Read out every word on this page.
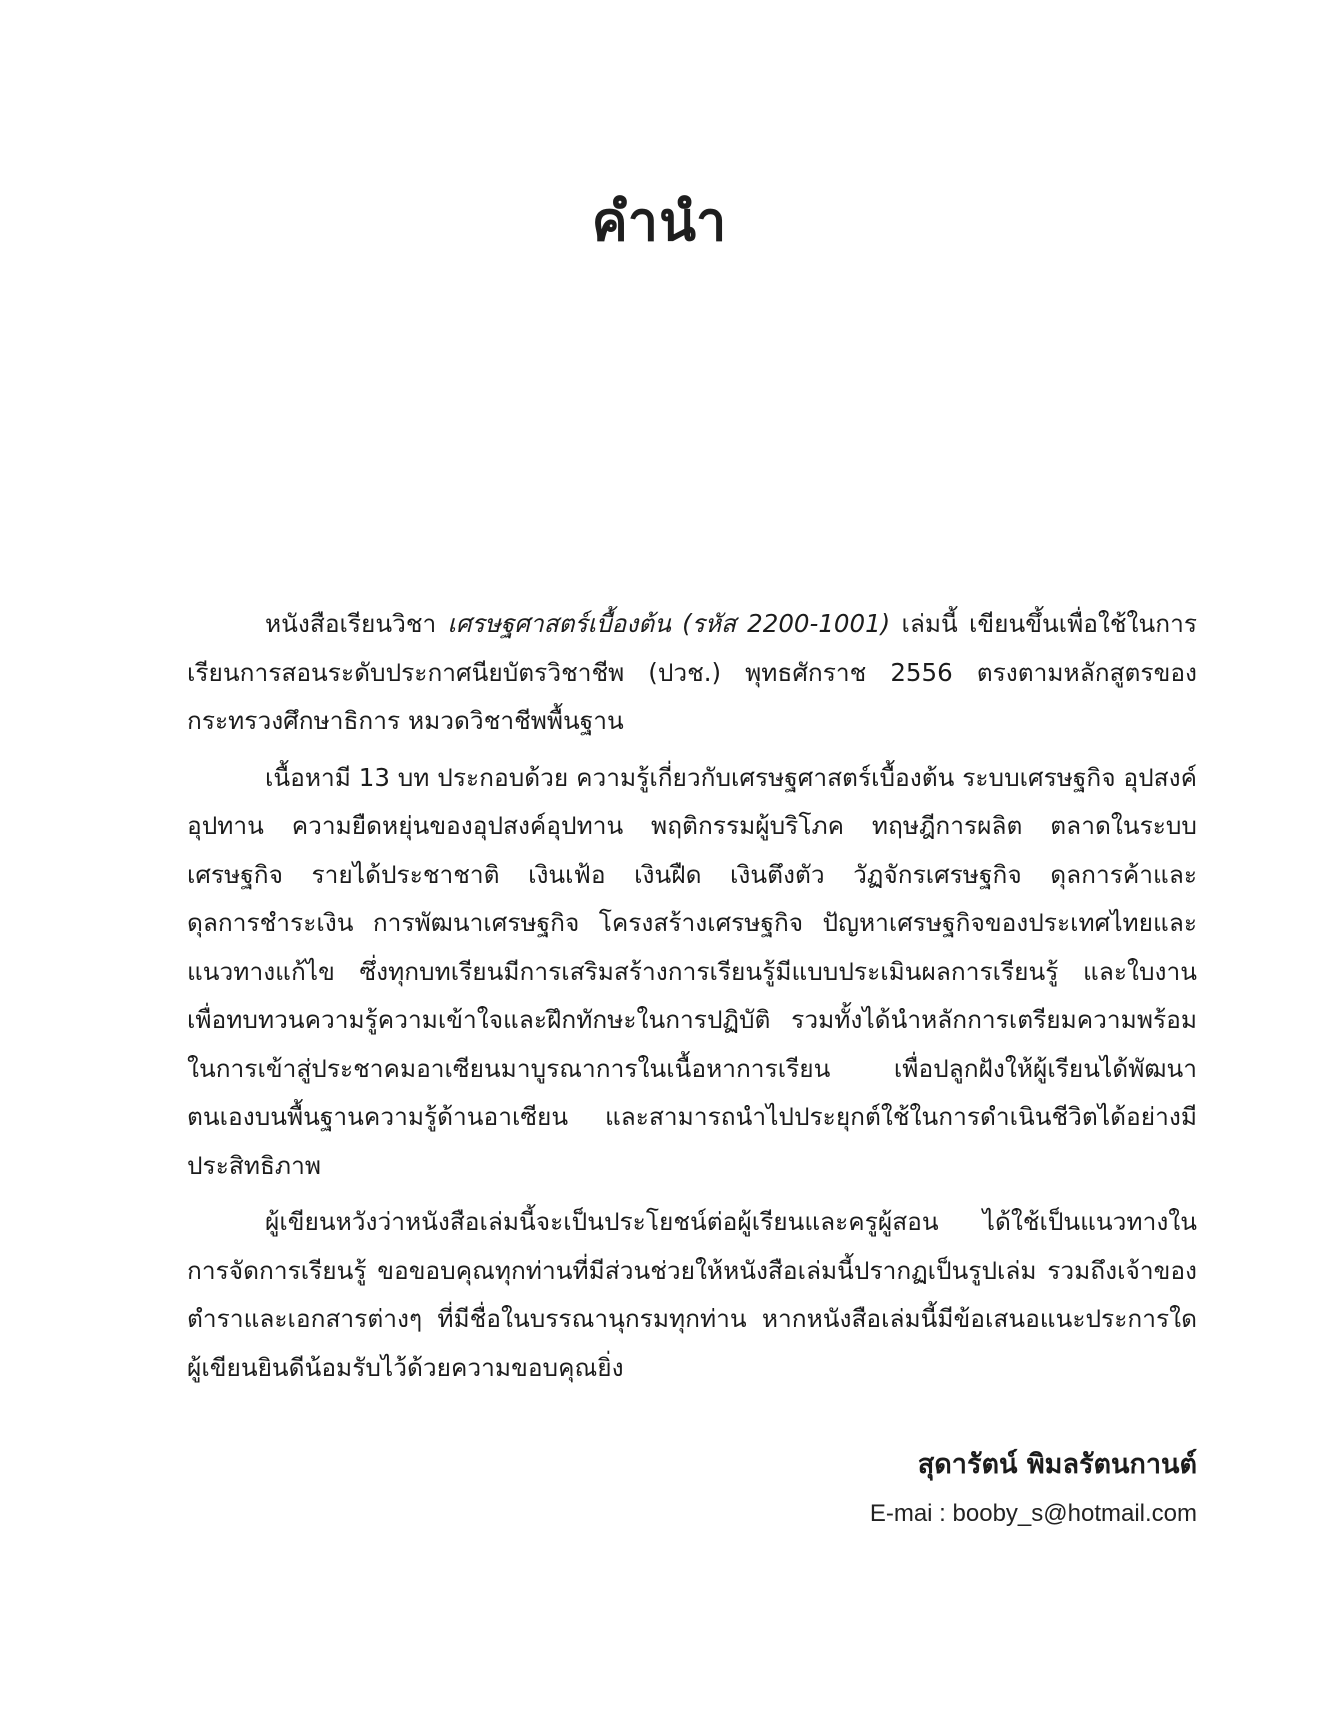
คำนำ

หนังสือเรียนวิชา เศรษฐศาสตร์เบื้องต้น (รหัส 2200-1001) เล่มนี้ เขียนขึ้นเพื่อใช้ในการเรียนการสอนระดับประกาศนียบัตรวิชาชีพ (ปวช.) พุทธศักราช 2556 ตรงตามหลักสูตรของกระทรวงศึกษาธิการ หมวดวิชาชีพพื้นฐาน

เนื้อหามี 13 บท ประกอบด้วย ความรู้เกี่ยวกับเศรษฐศาสตร์เบื้องต้น ระบบเศรษฐกิจ อุปสงค์อุปทาน ความยืดหยุ่นของอุปสงค์อุปทาน พฤติกรรมผู้บริโภค ทฤษฎีการผลิต ตลาดในระบบเศรษฐกิจ รายได้ประชาชาติ เงินเฟ้อ เงินฝืด เงินตึงตัว วัฏจักรเศรษฐกิจ ดุลการค้าและดุลการชำระเงิน การพัฒนาเศรษฐกิจ โครงสร้างเศรษฐกิจ ปัญหาเศรษฐกิจของประเทศไทยและแนวทางแก้ไข ซึ่งทุกบทเรียนมีการเสริมสร้างการเรียนรู้มีแบบประเมินผลการเรียนรู้ และใบงานเพื่อทบทวนความรู้ความเข้าใจและฝึกทักษะในการปฏิบัติ รวมทั้งได้นำหลักการเตรียมความพร้อมในการเข้าสู่ประชาคมอาเซียนมาบูรณาการในเนื้อหาการเรียน เพื่อปลูกฝังให้ผู้เรียนได้พัฒนาตนเองบนพื้นฐานความรู้ด้านอาเซียน และสามารถนำไปประยุกต์ใช้ในการดำเนินชีวิตได้อย่างมีประสิทธิภาพ

ผู้เขียนหวังว่าหนังสือเล่มนี้จะเป็นประโยชน์ต่อผู้เรียนและครูผู้สอน ได้ใช้เป็นแนวทางในการจัดการเรียนรู้ ขอขอบคุณทุกท่านที่มีส่วนช่วยให้หนังสือเล่มนี้ปรากฏเป็นรูปเล่ม รวมถึงเจ้าของตำราและเอกสารต่างๆ ที่มีชื่อในบรรณานุกรมทุกท่าน หากหนังสือเล่มนี้มีข้อเสนอแนะประการใด ผู้เขียนยินดีน้อมรับไว้ด้วยความขอบคุณยิ่ง

สุดารัตน์ พิมลรัตนกานต์
E-mai : booby_s@hotmail.com
